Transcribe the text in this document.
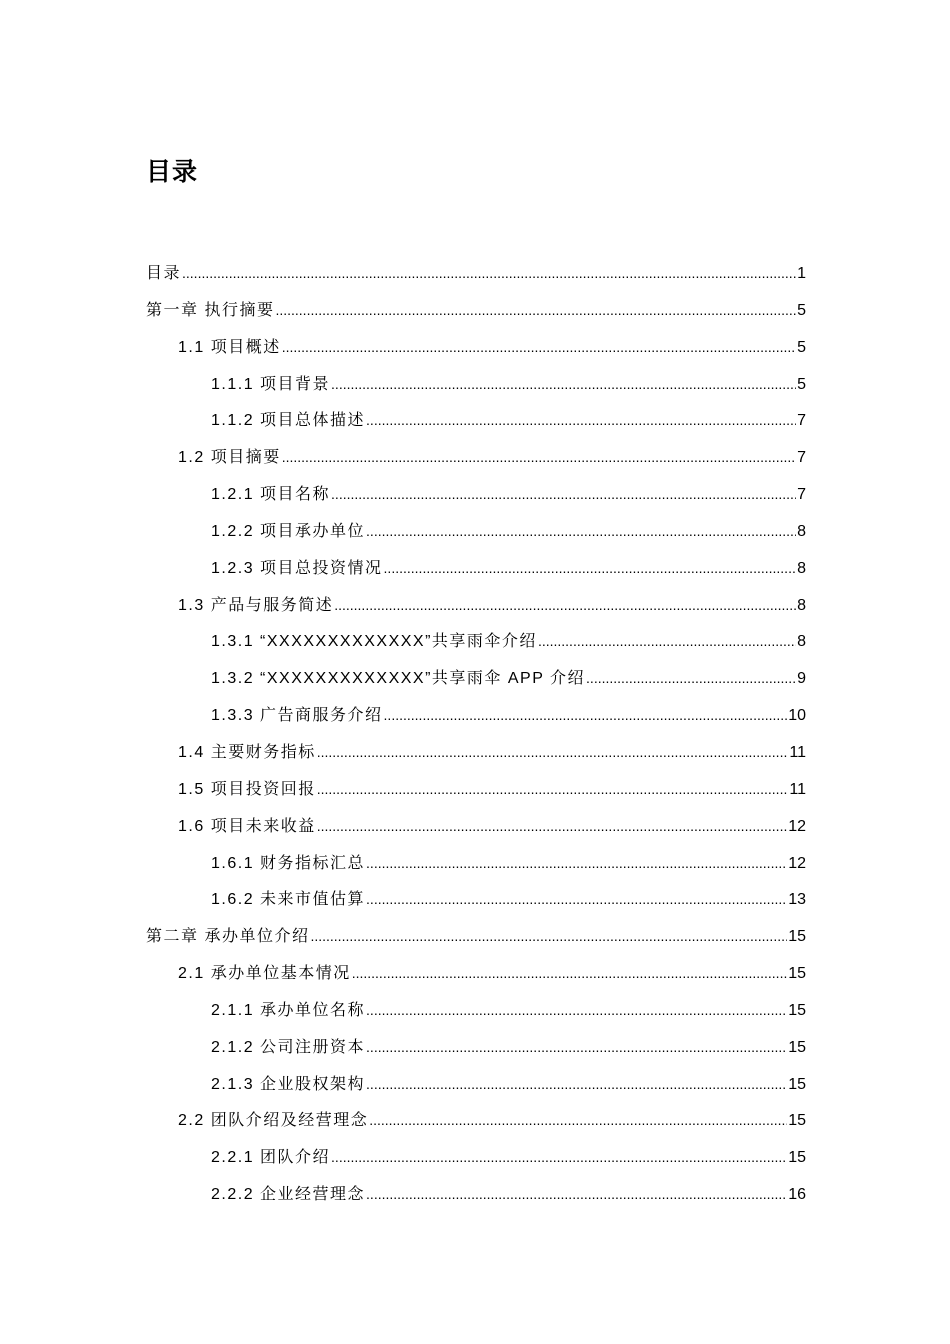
目录
目录 .....	1
第一章 执行摘要 .....	5
1.1 项目概述 .....	5
1.1.1 项目背景 .....	5
1.1.2 项目总体描述 .....	7
1.2 项目摘要 .....	7
1.2.1 项目名称 .....	7
1.2.2 项目承办单位 .....	8
1.2.3 项目总投资情况 .....	8
1.3 产品与服务简述 .....	8
1.3.1 “XXXXXXXXXXXXX”共享雨伞介绍 .....	8
1.3.2 “XXXXXXXXXXXXX”共享雨伞 APP 介绍 .....	9
1.3.3 广告商服务介绍 .....	10
1.4 主要财务指标 .....	11
1.5 项目投资回报 .....	11
1.6 项目未来收益 .....	12
1.6.1 财务指标汇总 .....	12
1.6.2 未来市值估算 .....	13
第二章 承办单位介绍 .....	15
2.1 承办单位基本情况 .....	15
2.1.1 承办单位名称 .....	15
2.1.2 公司注册资本 .....	15
2.1.3 企业股权架构 .....	15
2.2 团队介绍及经营理念 .....	15
2.2.1 团队介绍 .....	15
2.2.2 企业经营理念 .....	16
